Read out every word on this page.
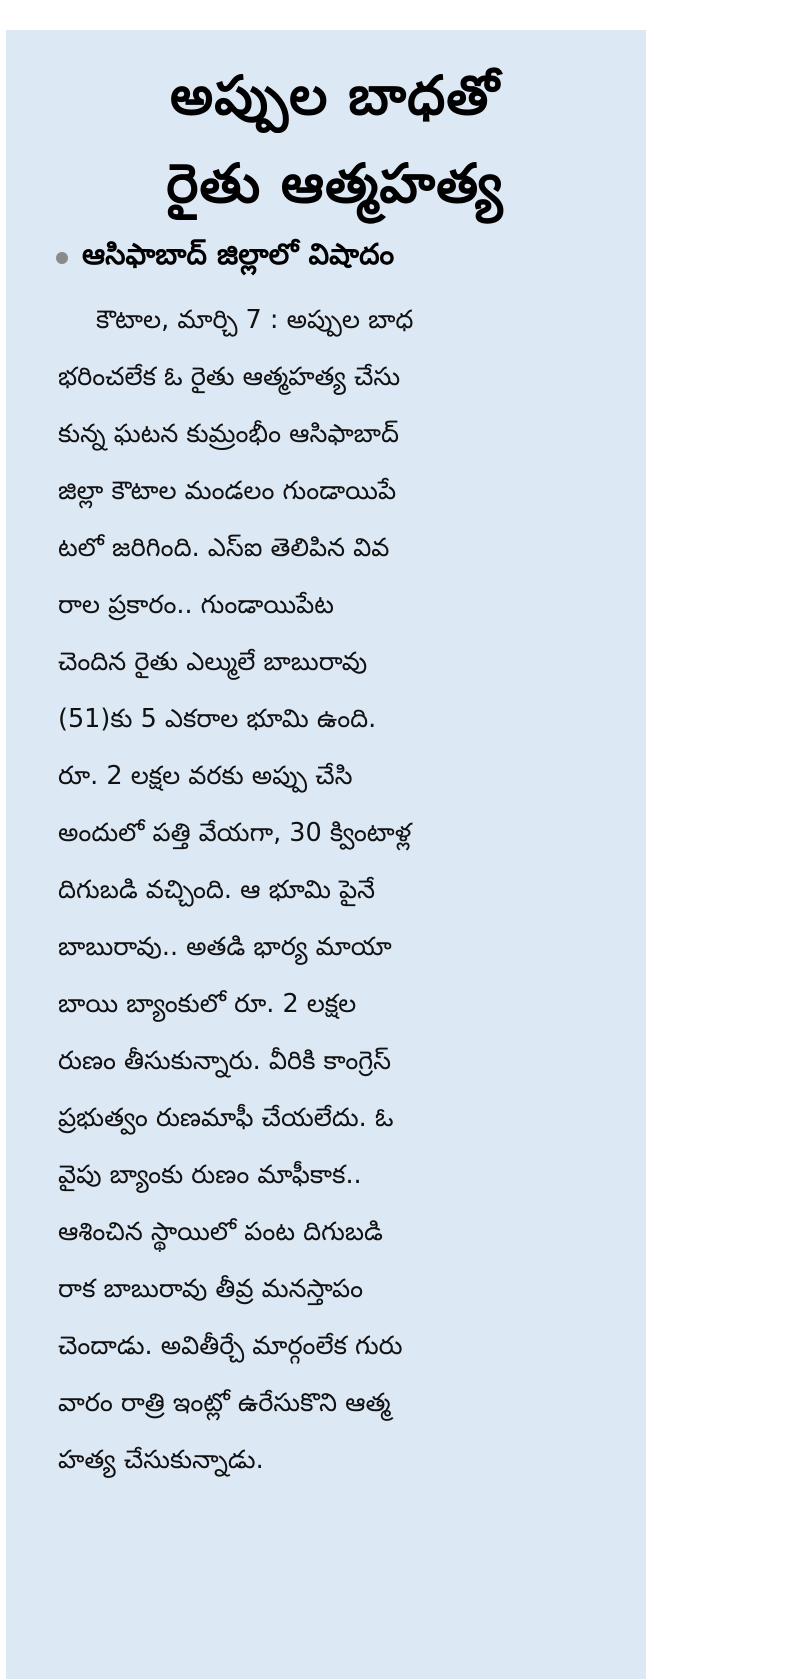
అప్పుల బాధతో
రైతు ఆత్మహత్య
ఆసిఫాబాద్ జిల్లాలో విషాదం
కౌటాల, మార్చి 7 : అప్పుల బాధ
భరించలేక ఓ రైతు ఆత్మహత్య చేసు
కున్న ఘటన కుమ్రంభీం ఆసిఫాబాద్
జిల్లా కౌటాల మండలం గుండాయిపే
టలో జరిగింది. ఎస్ఐ తెలిపిన వివ
రాల ప్రకారం.. గుండాయిపేట
చెందిన రైతు ఎల్ములే బాబురావు
(51)కు 5 ఎకరాల భూమి ఉంది.
రూ. 2 లక్షల వరకు అప్పు చేసి
అందులో పత్తి వేయగా, 30 క్వింటాళ్ల
దిగుబడి వచ్చింది. ఆ భూమి పైనే
బాబురావు.. అతడి భార్య మాయా
బాయి బ్యాంకులో రూ. 2 లక్షల
రుణం తీసుకున్నారు. వీరికి కాంగ్రెస్
ప్రభుత్వం రుణమాఫీ చేయలేదు. ఓ
వైపు బ్యాంకు రుణం మాఫీకాక..
ఆశించిన స్థాయిలో పంట దిగుబడి
రాక బాబురావు తీవ్ర మనస్తాపం
చెందాడు. అవితీర్చే మార్గంలేక గురు
వారం రాత్రి ఇంట్లో ఉరేసుకొని ఆత్మ
హత్య చేసుకున్నాడు.
